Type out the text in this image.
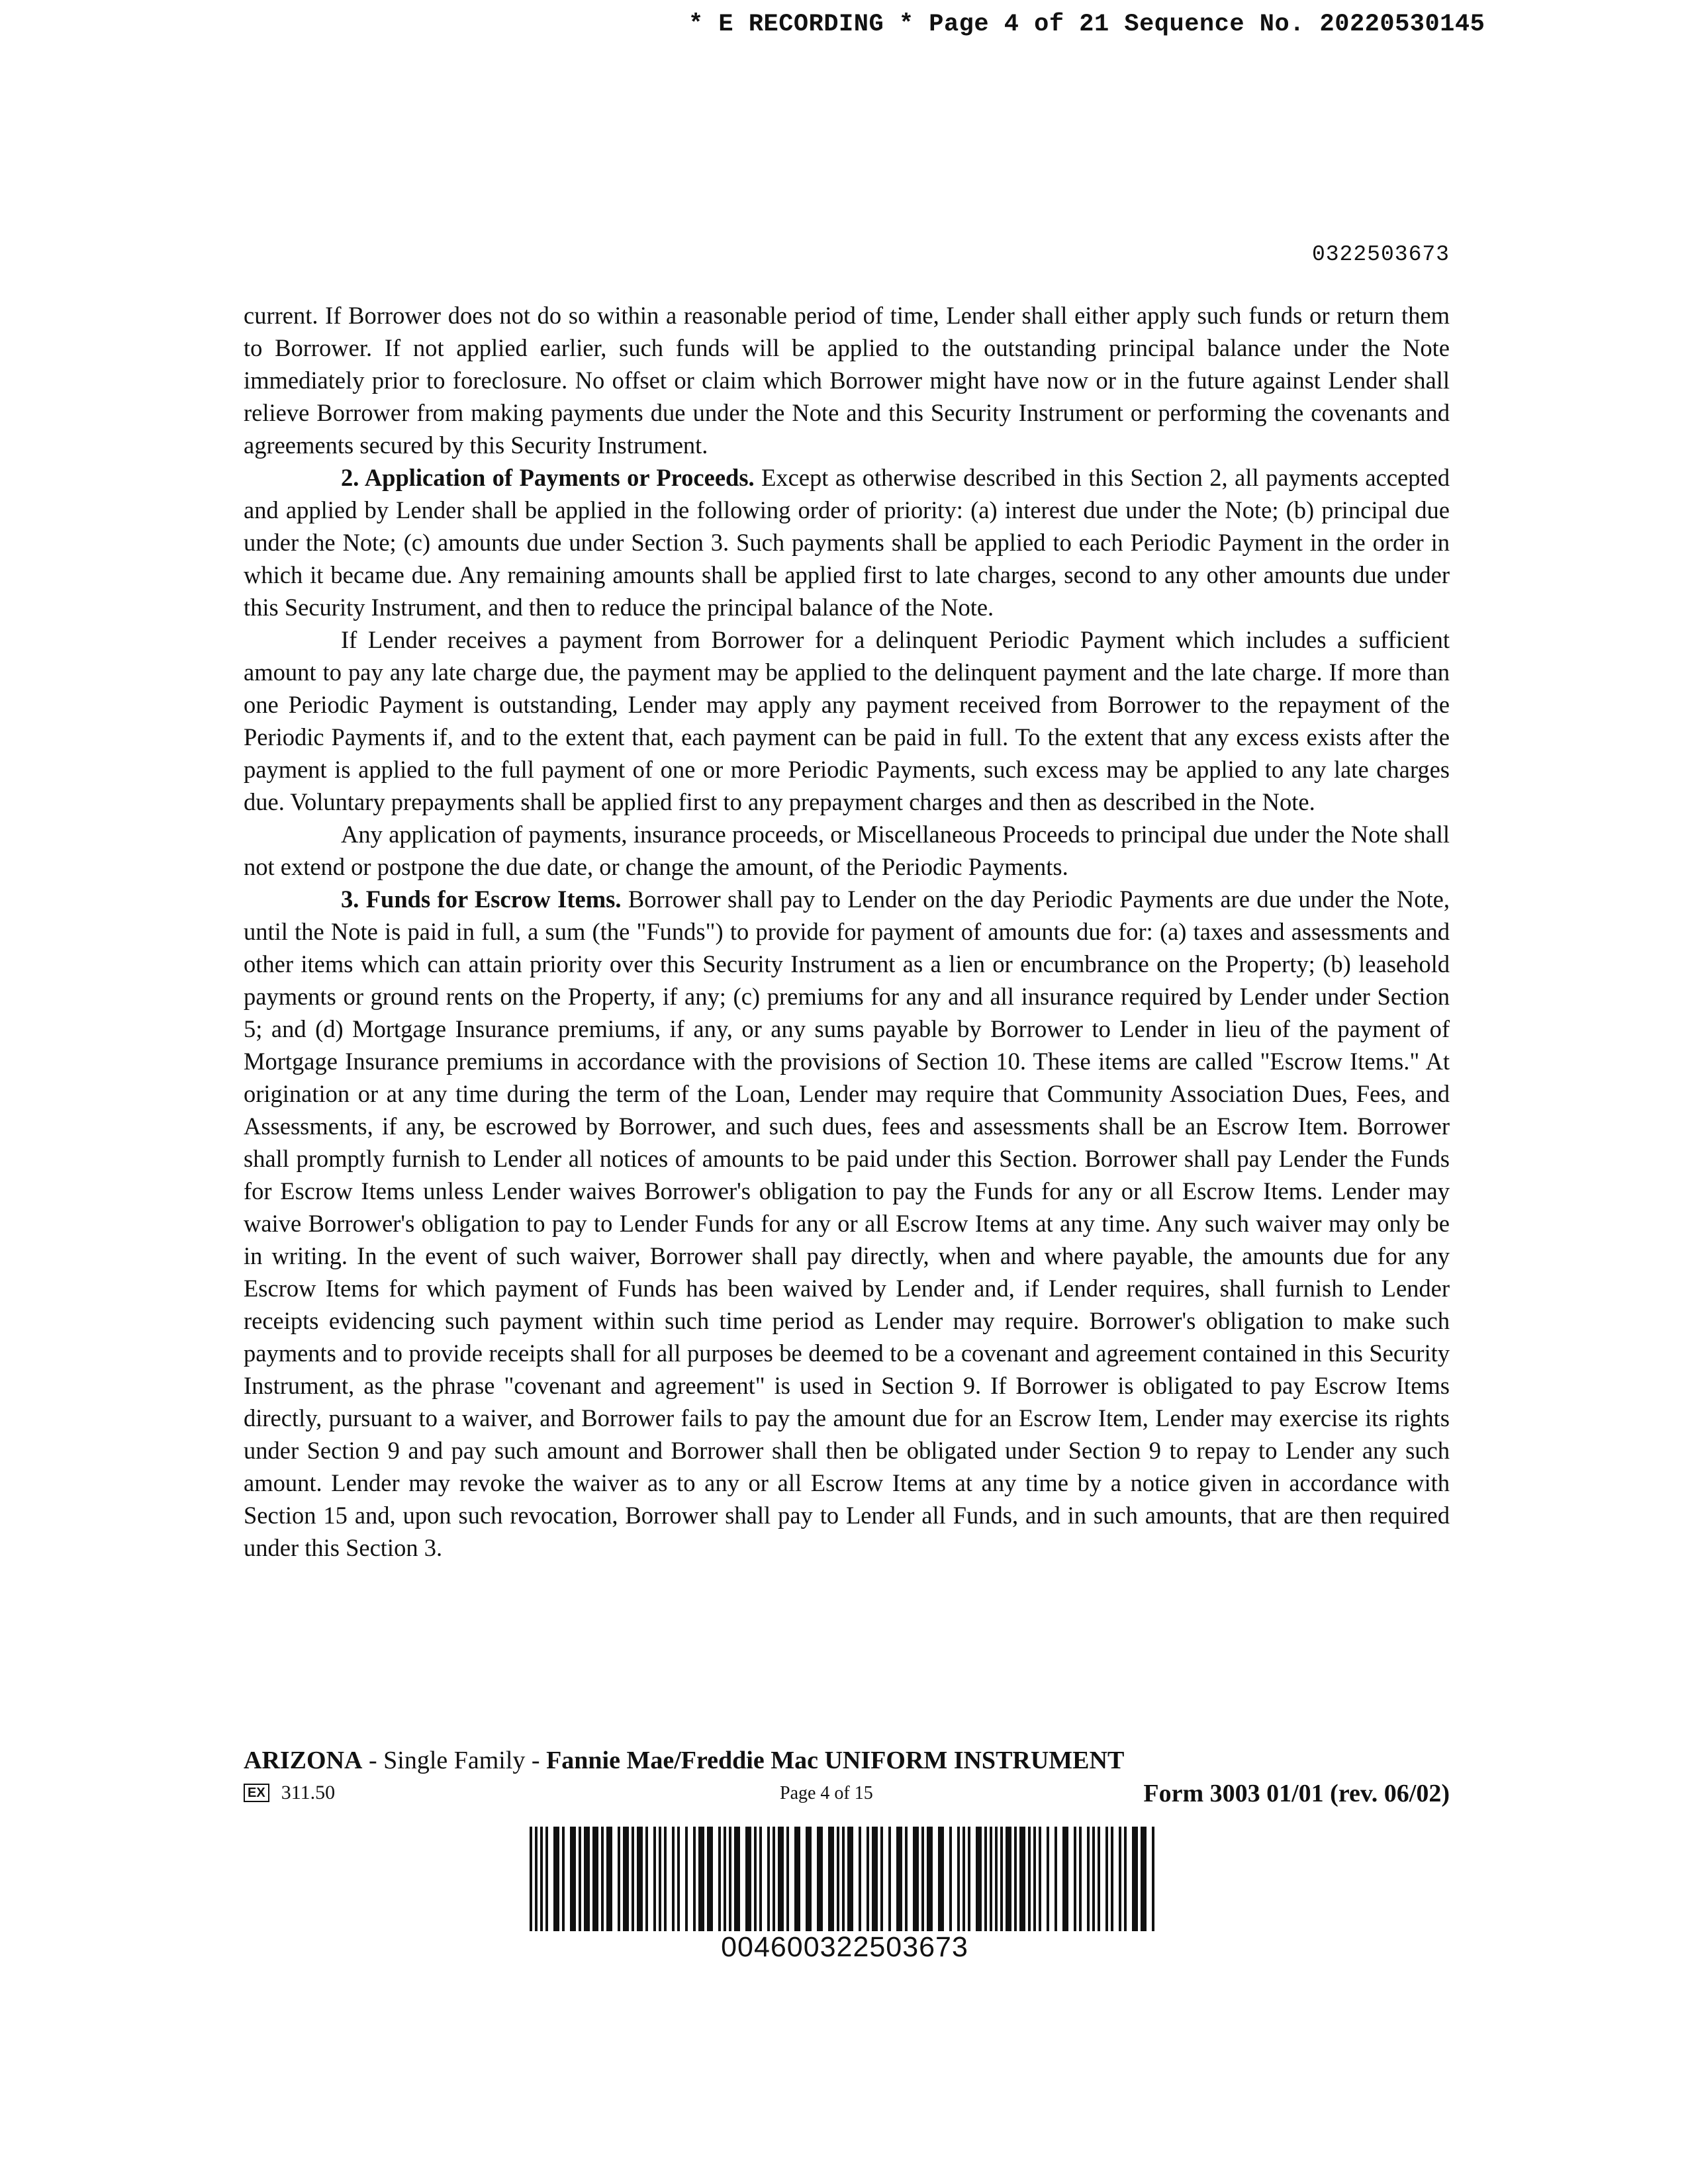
* E RECORDING * Page 4 of 21 Sequence No. 20220530145
0322503673

current. If Borrower does not do so within a reasonable period of time, Lender shall either apply such funds or return them to Borrower. If not applied earlier, such funds will be applied to the outstanding principal balance under the Note immediately prior to foreclosure. No offset or claim which Borrower might have now or in the future against Lender shall relieve Borrower from making payments due under the Note and this Security Instrument or performing the covenants and agreements secured by this Security Instrument.

2. Application of Payments or Proceeds. Except as otherwise described in this Section 2, all payments accepted and applied by Lender shall be applied in the following order of priority: (a) interest due under the Note; (b) principal due under the Note; (c) amounts due under Section 3. Such payments shall be applied to each Periodic Payment in the order in which it became due. Any remaining amounts shall be applied first to late charges, second to any other amounts due under this Security Instrument, and then to reduce the principal balance of the Note.

If Lender receives a payment from Borrower for a delinquent Periodic Payment which includes a sufficient amount to pay any late charge due, the payment may be applied to the delinquent payment and the late charge. If more than one Periodic Payment is outstanding, Lender may apply any payment received from Borrower to the repayment of the Periodic Payments if, and to the extent that, each payment can be paid in full. To the extent that any excess exists after the payment is applied to the full payment of one or more Periodic Payments, such excess may be applied to any late charges due. Voluntary prepayments shall be applied first to any prepayment charges and then as described in the Note.

Any application of payments, insurance proceeds, or Miscellaneous Proceeds to principal due under the Note shall not extend or postpone the due date, or change the amount, of the Periodic Payments.

3. Funds for Escrow Items. Borrower shall pay to Lender on the day Periodic Payments are due under the Note, until the Note is paid in full, a sum (the "Funds") to provide for payment of amounts due for: (a) taxes and assessments and other items which can attain priority over this Security Instrument as a lien or encumbrance on the Property; (b) leasehold payments or ground rents on the Property, if any; (c) premiums for any and all insurance required by Lender under Section 5; and (d) Mortgage Insurance premiums, if any, or any sums payable by Borrower to Lender in lieu of the payment of Mortgage Insurance premiums in accordance with the provisions of Section 10. These items are called "Escrow Items." At origination or at any time during the term of the Loan, Lender may require that Community Association Dues, Fees, and Assessments, if any, be escrowed by Borrower, and such dues, fees and assessments shall be an Escrow Item. Borrower shall promptly furnish to Lender all notices of amounts to be paid under this Section. Borrower shall pay Lender the Funds for Escrow Items unless Lender waives Borrower's obligation to pay the Funds for any or all Escrow Items. Lender may waive Borrower's obligation to pay to Lender Funds for any or all Escrow Items at any time. Any such waiver may only be in writing. In the event of such waiver, Borrower shall pay directly, when and where payable, the amounts due for any Escrow Items for which payment of Funds has been waived by Lender and, if Lender requires, shall furnish to Lender receipts evidencing such payment within such time period as Lender may require. Borrower's obligation to make such payments and to provide receipts shall for all purposes be deemed to be a covenant and agreement contained in this Security Instrument, as the phrase "covenant and agreement" is used in Section 9. If Borrower is obligated to pay Escrow Items directly, pursuant to a waiver, and Borrower fails to pay the amount due for an Escrow Item, Lender may exercise its rights under Section 9 and pay such amount and Borrower shall then be obligated under Section 9 to repay to Lender any such amount. Lender may revoke the waiver as to any or all Escrow Items at any time by a notice given in accordance with Section 15 and, upon such revocation, Borrower shall pay to Lender all Funds, and in such amounts, that are then required under this Section 3.

ARIZONA - Single Family - Fannie Mae/Freddie Mac UNIFORM INSTRUMENT
EX 311.50	Page 4 of 15	Form 3003 01/01 (rev. 06/02)
004600322503673
